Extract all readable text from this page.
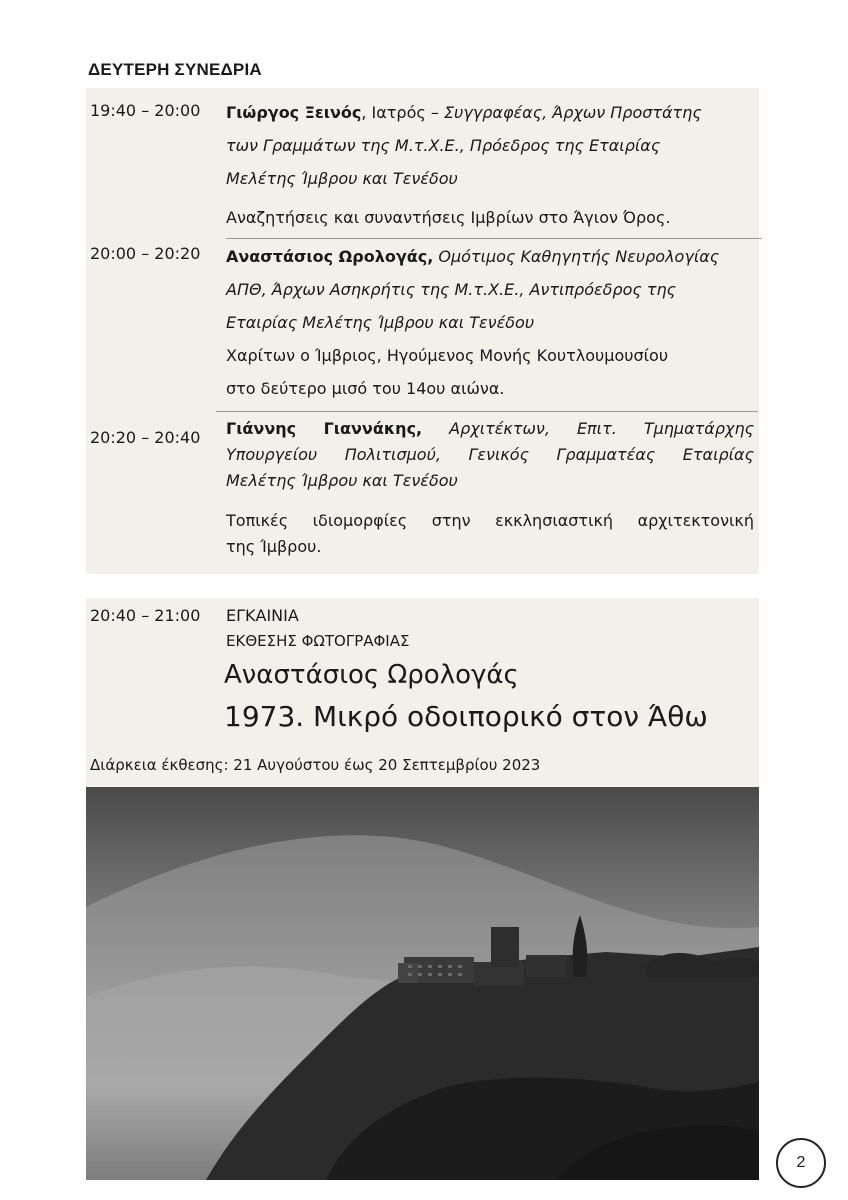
ΔΕΥΤΕΡΗ ΣΥΝΕΔΡΙΑ
19:40 – 20:00 Γιώργος Ξεινός, Ιατρός – Συγγραφέας, Άρχων Προστάτης

των Γραμμάτων της Μ.τ.Χ.Ε., Πρόεδρος της Εταιρίας

Μελέτης Ίμβρου και Τενέδου

Αναζητήσεις και συναντήσεις Ιμβρίων στο Άγιον Όρος.

20:00 – 20:20 Αναστάσιος Ωρολογάς, Ομότιμος Καθηγητής Νευρολογίας

ΑΠΘ, Άρχων Ασηκρήτις της Μ.τ.Χ.Ε., Αντιπρόεδρος της

Εταιρίας Μελέτης Ίμβρου και Τενέδου

Χαρίτων ο Ίμβριος, Ηγούμενος Μονής Κουτλουμουσίου

στο δεύτερο μισό του 14ου αιώνα.

20:20 – 20:40 Γιάννης Γιαννάκης, Αρχιτέκτων, Επιτ. Τμηματάρχης

Υπουργείου Πολιτισμού, Γενικός Γραμματέας Εταιρίας

Μελέτης Ίμβρου και Τενέδου

Τοπικές ιδιομορφίες στην εκκλησιαστική αρχιτεκτονική

της Ίμβρου.

20:40 – 21:00 ΕΓΚΑΙΝΙΑ
ΕΚΘΕΣΗΣ ΦΩΤΟΓΡΑΦΙΑΣ
Αναστάσιος Ωρολογάς
1973. Μικρό οδοιπορικό στον Άθω
Διάρκεια έκθεσης: 21 Αυγούστου έως 20 Σεπτεμβρίου 2023
2
